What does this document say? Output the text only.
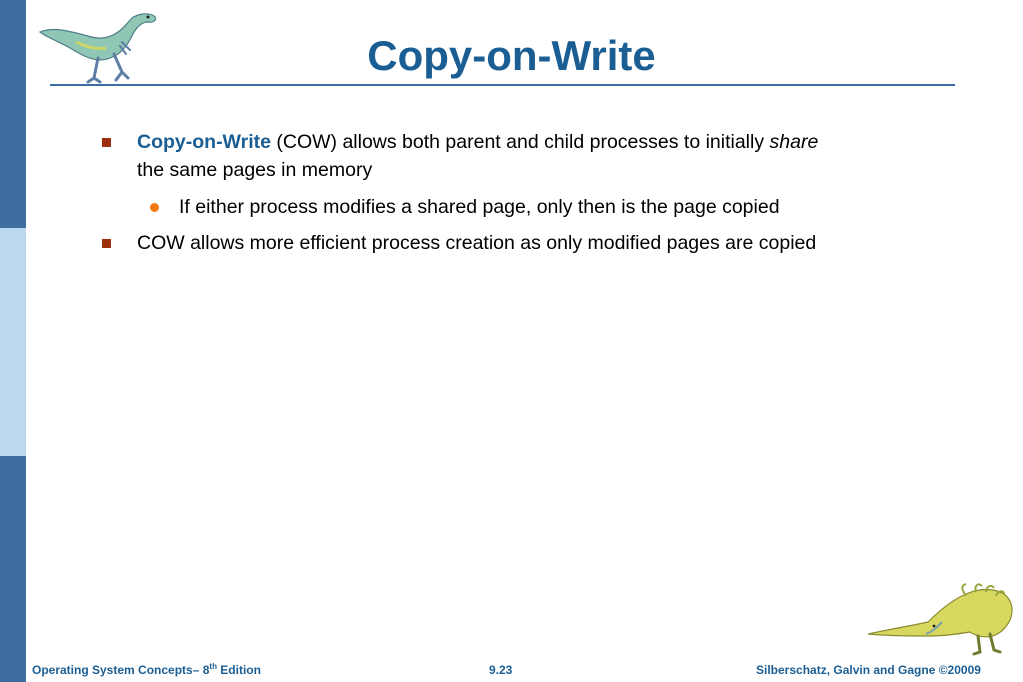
Copy-on-Write
Copy-on-Write (COW) allows both parent and child processes to initially share
the same pages in memory
If either process modifies a shared page, only then is the page copied
COW allows more efficient process creation as only modified pages are copied
Operating System Concepts– 8th Edition	9.23	Silberschatz, Galvin and Gagne ©20009
